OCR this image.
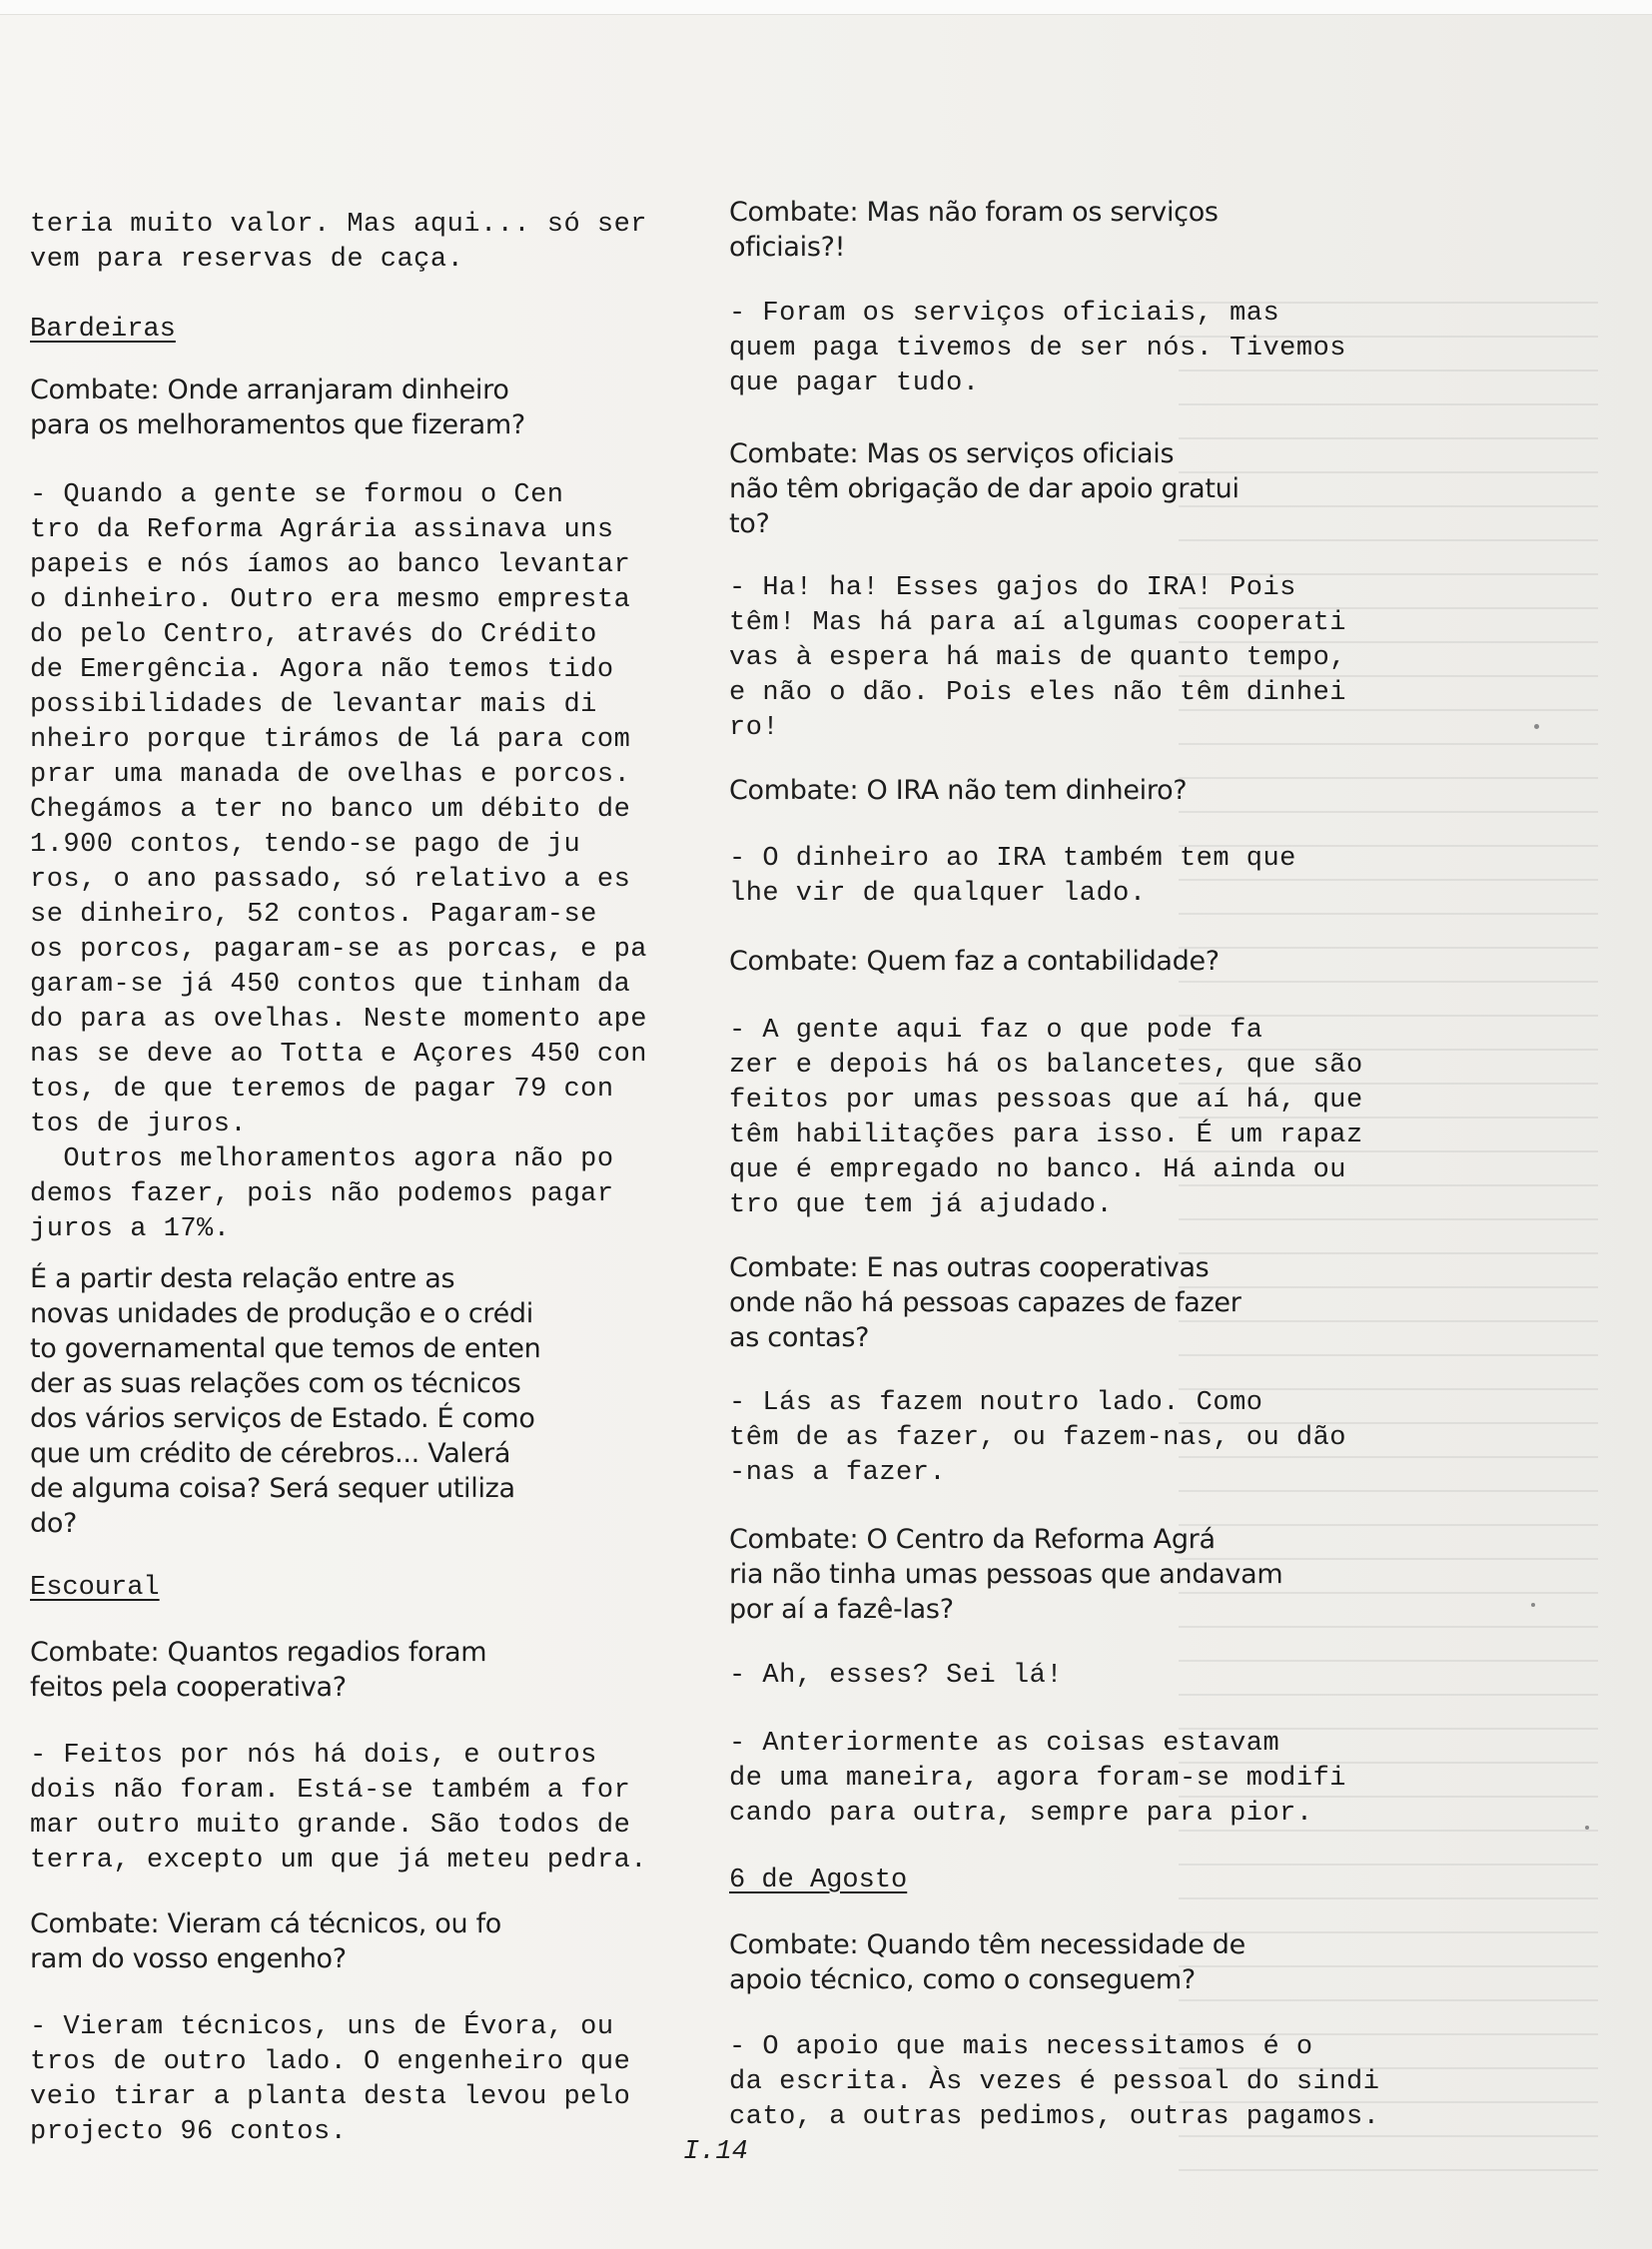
teria muito valor. Mas aqui... só ser
vem para reservas de caça.
Bardeiras
Combate: Onde arranjaram dinheiro
para os melhoramentos que fizeram?
- Quando a gente se formou o Cen
tro da Reforma Agrária assinava uns
papeis e nós íamos ao banco levantar
o dinheiro. Outro era mesmo empresta
do pelo Centro, através do Crédito
de Emergência. Agora não temos tido
possibilidades de levantar mais di
nheiro porque tirámos de lá para com
prar uma manada de ovelhas e porcos.
Chegámos a ter no banco um débito de
1.900 contos, tendo-se pago de ju
ros, o ano passado, só relativo a es
se dinheiro, 52 contos. Pagaram-se
os porcos, pagaram-se as porcas, e pa
garam-se já 450 contos que tinham da
do para as ovelhas. Neste momento ape
nas se deve ao Totta e Açores 450 con
tos, de que teremos de pagar 79 con
tos de juros.
Outros melhoramentos agora não po
demos fazer, pois não podemos pagar
juros a 17%.
É a partir desta relação entre as
novas unidades de produção e o crédi
to governamental que temos de enten
der as suas relações com os técnicos
dos vários serviços de Estado. É como
que um crédito de cérebros... Valerá
de alguma coisa? Será sequer utiliza
do?
Escoural
Combate: Quantos regadios foram
feitos pela cooperativa?
- Feitos por nós há dois, e outros
dois não foram. Está-se também a for
mar outro muito grande. São todos de
terra, excepto um que já meteu pedra.
Combate: Vieram cá técnicos, ou fo
ram do vosso engenho?
- Vieram técnicos, uns de Évora, ou
tros de outro lado. O engenheiro que
veio tirar a planta desta levou pelo
projecto 96 contos.
Combate: Mas não foram os serviços
oficiais?!
- Foram os serviços oficiais, mas
quem paga tivemos de ser nós. Tivemos
que pagar tudo.
Combate: Mas os serviços oficiais
não têm obrigação de dar apoio gratui
to?
- Ha! ha! Esses gajos do IRA! Pois
têm! Mas há para aí algumas cooperati
vas à espera há mais de quanto tempo,
e não o dão. Pois eles não têm dinhei
ro!
Combate: O IRA não tem dinheiro?
- O dinheiro ao IRA também tem que
lhe vir de qualquer lado.
Combate: Quem faz a contabilidade?
- A gente aqui faz o que pode fa
zer e depois há os balancetes, que são
feitos por umas pessoas que aí há, que
têm habilitações para isso. É um rapaz
que é empregado no banco. Há ainda ou
tro que tem já ajudado.
Combate: E nas outras cooperativas
onde não há pessoas capazes de fazer
as contas?
- Lás as fazem noutro lado. Como
têm de as fazer, ou fazem-nas, ou dão
-nas a fazer.
Combate: O Centro da Reforma Agrá
ria não tinha umas pessoas que andavam
por aí a fazê-las?
- Ah, esses? Sei lá!
- Anteriormente as coisas estavam
de uma maneira, agora foram-se modifi
cando para outra, sempre para pior.
6 de Agosto
Combate: Quando têm necessidade de
apoio técnico, como o conseguem?
- O apoio que mais necessitamos é o
da escrita. Às vezes é pessoal do sindi
cato, a outras pedimos, outras pagamos.
I.14
